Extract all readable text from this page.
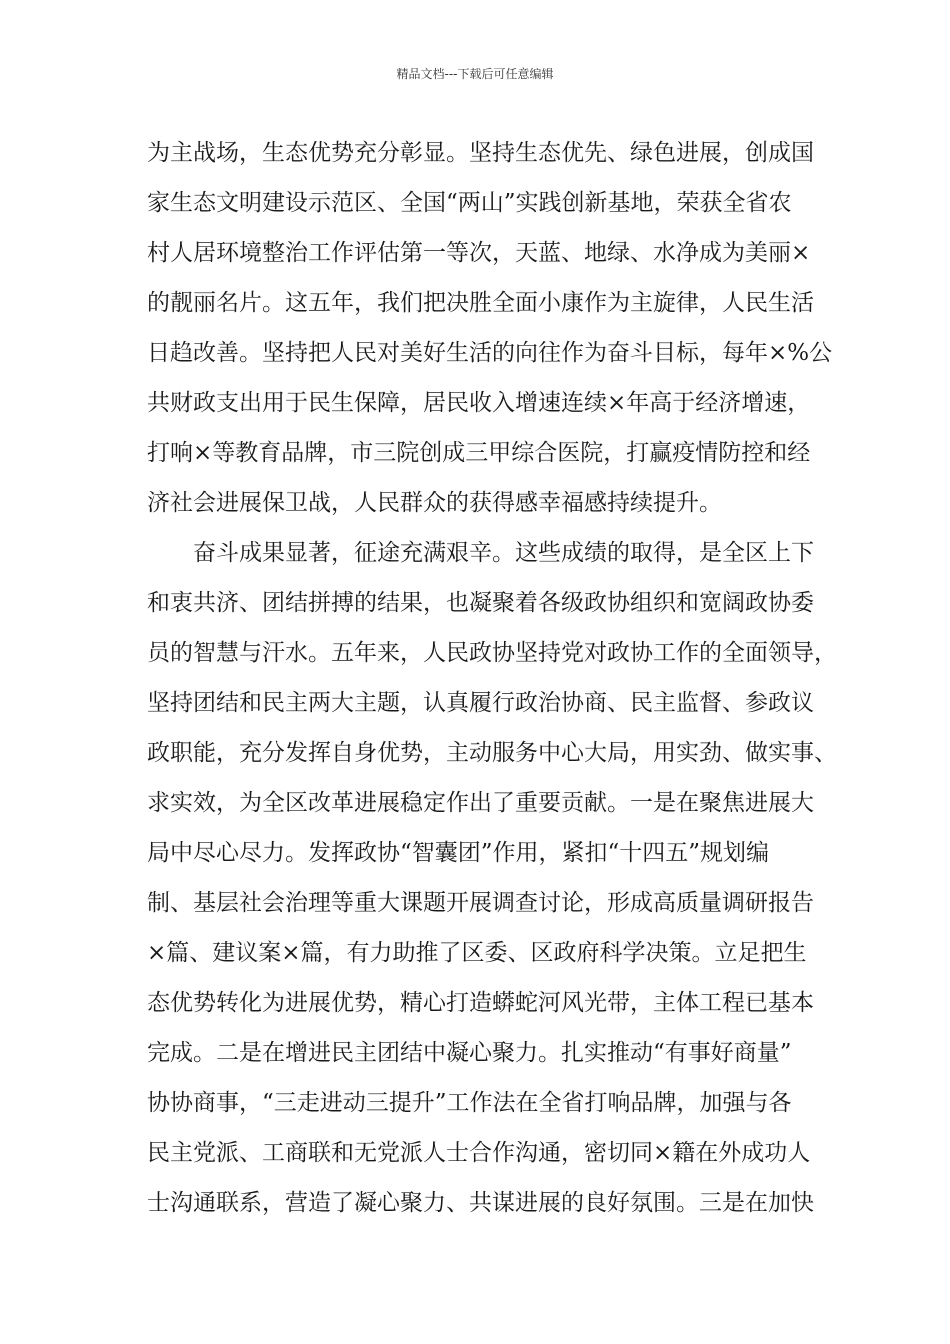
精品文档---下载后可任意编辑
为主战场，生态优势充分彰显。坚持生态优先、绿色进展，创成国
家生态文明建设示范区、全国“两山”实践创新基地，荣获全省农
村人居环境整治工作评估第一等次，天蓝、地绿、水净成为美丽×
的靓丽名片。这五年，我们把决胜全面小康作为主旋律，人民生活
日趋改善。坚持把人民对美好生活的向往作为奋斗目标，每年×%公
共财政支出用于民生保障，居民收入增速连续×年高于经济增速，
打响×等教育品牌，市三院创成三甲综合医院，打赢疫情防控和经
济社会进展保卫战，人民群众的获得感幸福感持续提升。
　　奋斗成果显著，征途充满艰辛。这些成绩的取得，是全区上下
和衷共济、团结拼搏的结果，也凝聚着各级政协组织和宽阔政协委
员的智慧与汗水。五年来，人民政协坚持党对政协工作的全面领导，
坚持团结和民主两大主题，认真履行政治协商、民主监督、参政议
政职能，充分发挥自身优势，主动服务中心大局，用实劲、做实事、
求实效，为全区改革进展稳定作出了重要贡献。一是在聚焦进展大
局中尽心尽力。发挥政协“智囊团”作用，紧扣“十四五”规划编
制、基层社会治理等重大课题开展调查讨论，形成高质量调研报告
×篇、建议案×篇，有力助推了区委、区政府科学决策。立足把生
态优势转化为进展优势，精心打造蟒蛇河风光带，主体工程已基本
完成。二是在增进民主团结中凝心聚力。扎实推动“有事好商量”
协协商事，“三走进动三提升”工作法在全省打响品牌，加强与各
民主党派、工商联和无党派人士合作沟通，密切同×籍在外成功人
士沟通联系，营造了凝心聚力、共谋进展的良好氛围。三是在加快
